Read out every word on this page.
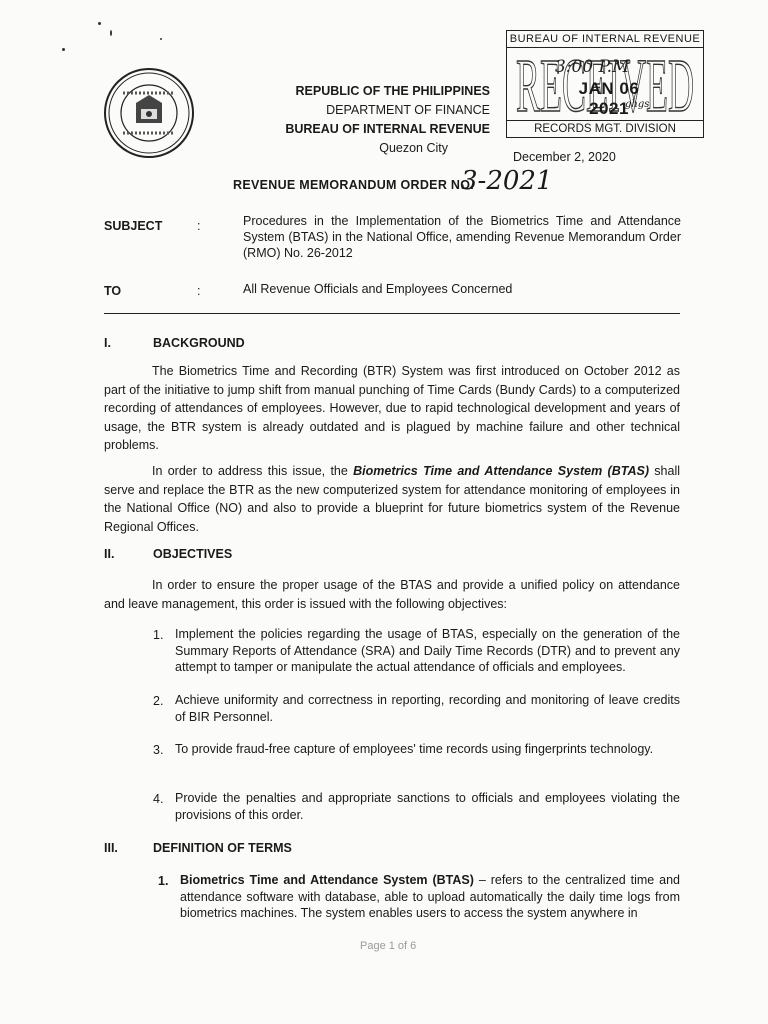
REPUBLIC OF THE PHILIPPINES
DEPARTMENT OF FINANCE
BUREAU OF INTERNAL REVENUE
Quezon City
BUREAU OF INTERNAL REVENUE
RECEIVED
3:00 P.M
JAN 06 2021
ghgs
RECORDS MGT. DIVISION
December 2, 2020
REVENUE MEMORANDUM ORDER NO.
3-2021
SUBJECT	:	Procedures in the Implementation of the Biometrics Time and Attendance System (BTAS) in the National Office, amending Revenue Memorandum Order (RMO) No. 26-2012
TO	:	All Revenue Officials and Employees Concerned
I.	BACKGROUND
The Biometrics Time and Recording (BTR) System was first introduced on October 2012 as part of the initiative to jump shift from manual punching of Time Cards (Bundy Cards) to a computerized recording of attendances of employees. However, due to rapid technological development and years of usage, the BTR system is already outdated and is plagued by machine failure and other technical problems.
In order to address this issue, the Biometrics Time and Attendance System (BTAS) shall serve and replace the BTR as the new computerized system for attendance monitoring of employees in the National Office (NO) and also to provide a blueprint for future biometrics system of the Revenue Regional Offices.
II.	OBJECTIVES
In order to ensure the proper usage of the BTAS and provide a unified policy on attendance and leave management, this order is issued with the following objectives:
1. Implement the policies regarding the usage of BTAS, especially on the generation of the Summary Reports of Attendance (SRA) and Daily Time Records (DTR) and to prevent any attempt to tamper or manipulate the actual attendance of officials and employees.
2. Achieve uniformity and correctness in reporting, recording and monitoring of leave credits of BIR Personnel.
3. To provide fraud-free capture of employees' time records using fingerprints technology.
4. Provide the penalties and appropriate sanctions to officials and employees violating the provisions of this order.
III.	DEFINITION OF TERMS
1. Biometrics Time and Attendance System (BTAS) – refers to the centralized time and attendance software with database, able to upload automatically the daily time logs from biometrics machines. The system enables users to access the system anywhere in
Page 1 of 6
